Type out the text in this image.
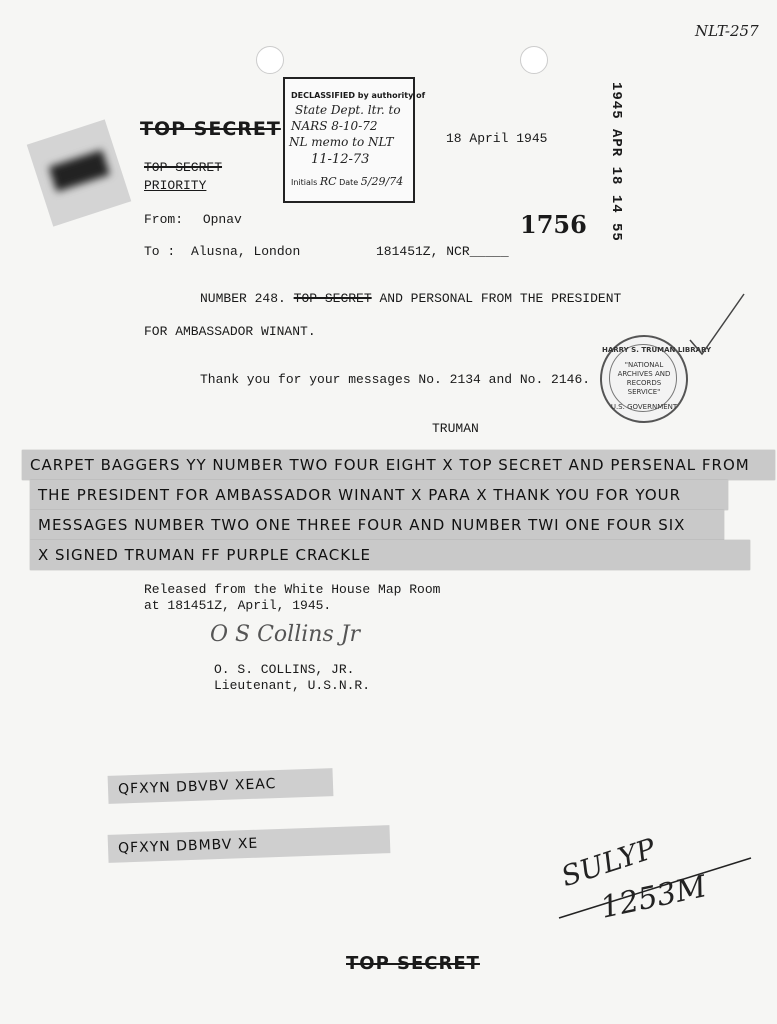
NLT-257
TOP SECRET
TOP SECRET
PRIORITY
DECLASSIFIED by authority of
State Dept. ltr. to
NARS 8-10-72
NL memo to NLT
11-12-73
Initials RC Date 5/29/74
18 April 1945	1945 APR 18 14 55
1756
From: Opnav
To : Alusna, London	181451Z, NCR_____
NUMBER 248. TOP SECRET AND PERSONAL FROM THE PRESIDENT
FOR AMBASSADOR WINANT.
Thank you for your messages No. 2134 and No. 2146.
HARRY S. TRUMAN LIBRARY
"NATIONAL
ARCHIVES AND
RECORDS
SERVICE"
U.S. GOVERNMENT
TRUMAN
CARPET BAGGERS YY NUMBER TWO FOUR EIGHT X TOP SECRET AND PERSENAL FROM
THE PRESIDENT FOR AMBASSADOR WINANT X PARA X THANK YOU FOR YOUR
MESSAGES NUMBER TWO ONE THREE FOUR AND NUMBER TWI ONE FOUR SIX
X SIGNED TRUMAN FF PURPLE CRACKLE
Released from the White House Map Room
at 181451Z, April, 1945.
O S Collins Jr
O. S. COLLINS, JR.
Lieutenant, U.S.N.R.
QFXYN DBVBV XEAC
QFXYN DBMBV XE	SULYP
1253M
TOP SECRET
